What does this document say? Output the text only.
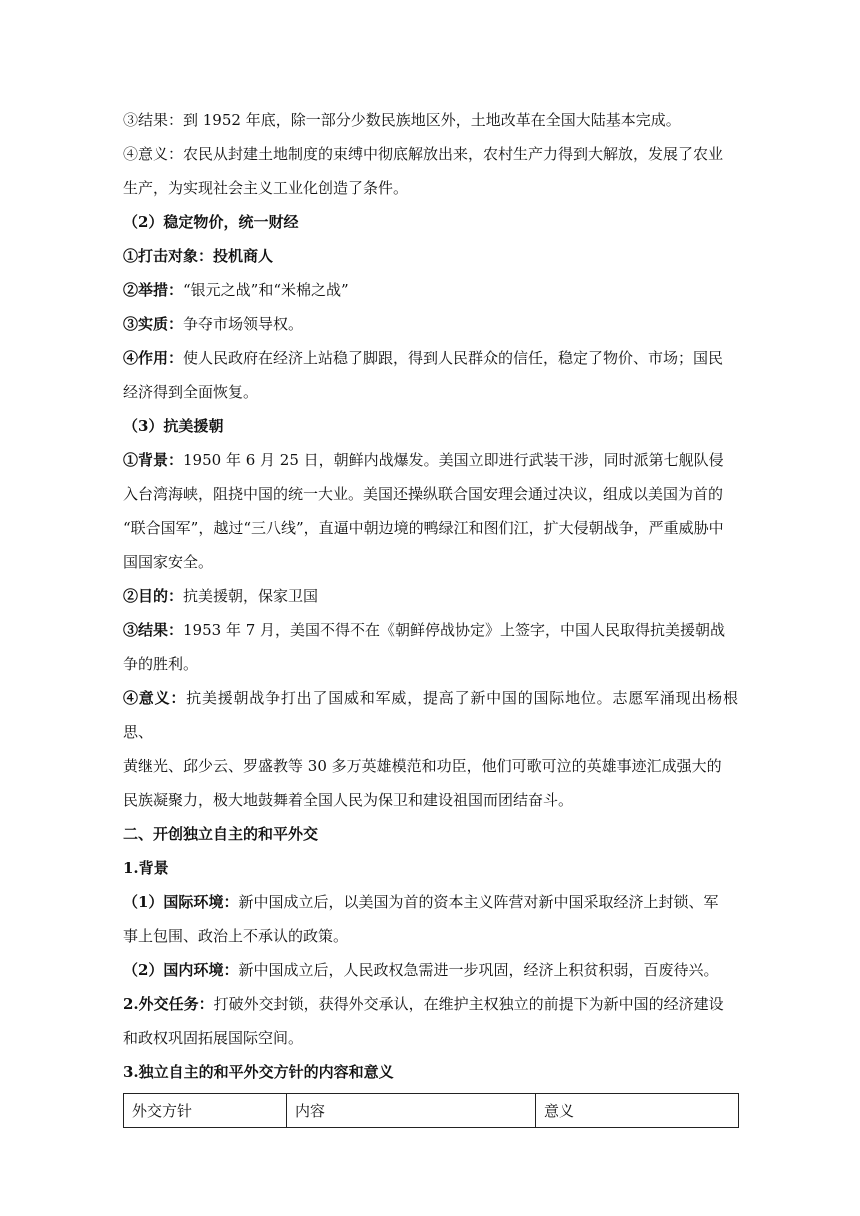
③结果：到 1952 年底，除一部分少数民族地区外，土地改革在全国大陆基本完成。

④意义：农民从封建土地制度的束缚中彻底解放出来，农村生产力得到大解放，发展了农业
生产，为实现社会主义工业化创造了条件。

（2）稳定物价，统一财经

①打击对象：投机商人

②举措：“银元之战”和“米棉之战”

③实质：争夺市场领导权。

④作用：使人民政府在经济上站稳了脚跟，得到人民群众的信任，稳定了物价、市场；国民
经济得到全面恢复。

（3）抗美援朝

①背景：1950 年 6 月 25 日，朝鲜内战爆发。美国立即进行武装干涉，同时派第七舰队侵
入台湾海峡，阻挠中国的统一大业。美国还操纵联合国安理会通过决议，组成以美国为首的
“联合国军”，越过“三八线”，直逼中朝边境的鸭绿江和图们江，扩大侵朝战争，严重威胁中
国国家安全。

②目的：抗美援朝，保家卫国

③结果：1953 年 7 月，美国不得不在《朝鲜停战协定》上签字，中国人民取得抗美援朝战
争的胜利。

④意义：抗美援朝战争打出了国威和军威，提高了新中国的国际地位。志愿军涌现出杨根思、
黄继光、邱少云、罗盛教等 30 多万英雄模范和功臣，他们可歌可泣的英雄事迹汇成强大的
民族凝聚力，极大地鼓舞着全国人民为保卫和建设祖国而团结奋斗。

二、开创独立自主的和平外交

1.背景

（1）国际环境：新中国成立后，以美国为首的资本主义阵营对新中国采取经济上封锁、军
事上包围、政治上不承认的政策。

（2）国内环境：新中国成立后，人民政权急需进一步巩固，经济上积贫积弱，百废待兴。

2.外交任务：打破外交封锁，获得外交承认，在维护主权独立的前提下为新中国的经济建设
和政权巩固拓展国际空间。

3.独立自主的和平外交方针的内容和意义

外交方针	内容	意义
